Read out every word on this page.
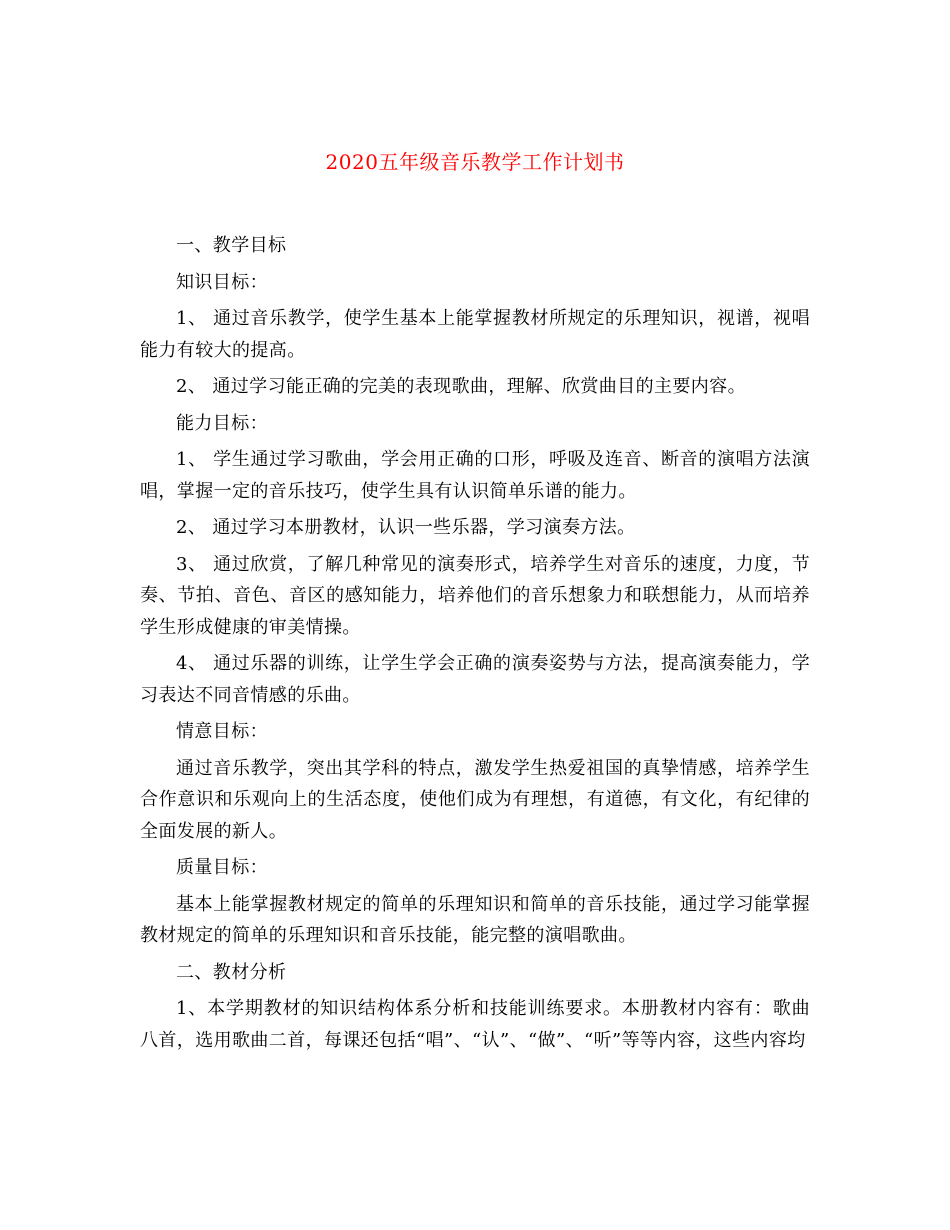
2020五年级音乐教学工作计划书

一、教学目标

知识目标：

1、 通过音乐教学，使学生基本上能掌握教材所规定的乐理知识，视谱，视唱能力有较大的提高。

2、 通过学习能正确的完美的表现歌曲，理解、欣赏曲目的主要内容。

能力目标：

1、 学生通过学习歌曲，学会用正确的口形，呼吸及连音、断音的演唱方法演唱，掌握一定的音乐技巧，使学生具有认识简单乐谱的能力。

2、 通过学习本册教材，认识一些乐器，学习演奏方法。

3、 通过欣赏，了解几种常见的演奏形式，培养学生对音乐的速度，力度，节奏、节拍、音色、音区的感知能力，培养他们的音乐想象力和联想能力，从而培养学生形成健康的审美情操。

4、 通过乐器的训练，让学生学会正确的演奏姿势与方法，提高演奏能力，学习表达不同音情感的乐曲。

情意目标：

通过音乐教学，突出其学科的特点，激发学生热爱祖国的真挚情感，培养学生合作意识和乐观向上的生活态度，使他们成为有理想，有道德，有文化，有纪律的全面发展的新人。

质量目标：

基本上能掌握教材规定的简单的乐理知识和简单的音乐技能，通过学习能掌握教材规定的简单的乐理知识和音乐技能，能完整的演唱歌曲。

二、教材分析

1、本学期教材的知识结构体系分析和技能训练要求。本册教材内容有：歌曲八首，选用歌曲二首，每课还包括“唱”、“认”、“做”、“听”等等内容，这些内容均
